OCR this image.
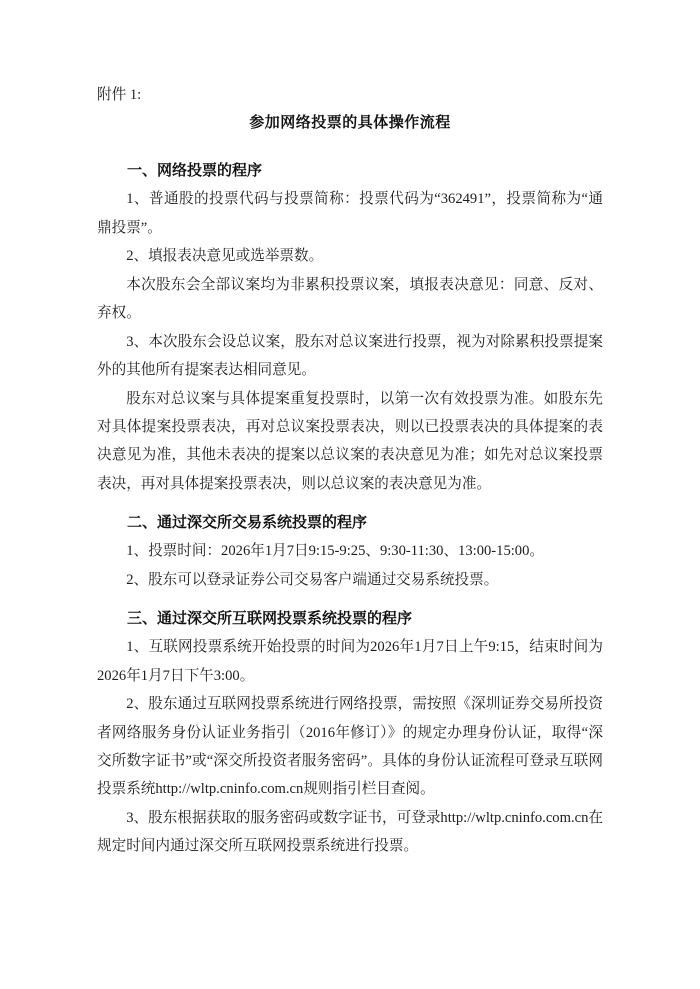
附件 1:

参加网络投票的具体操作流程
一、网络投票的程序

1、普通股的投票代码与投票简称：投票代码为“362491”，投票简称为“通鼎投票”。

2、填报表决意见或选举票数。

本次股东会全部议案均为非累积投票议案，填报表决意见：同意、反对、弃权。

3、本次股东会设总议案，股东对总议案进行投票，视为对除累积投票提案外的其他所有提案表达相同意见。

股东对总议案与具体提案重复投票时，以第一次有效投票为准。如股东先对具体提案投票表决，再对总议案投票表决，则以已投票表决的具体提案的表决意见为准，其他未表决的提案以总议案的表决意见为准；如先对总议案投票表决，再对具体提案投票表决，则以总议案的表决意见为准。

二、通过深交所交易系统投票的程序

1、投票时间：2026年1月7日9:15-9:25、9:30-11:30、13:00-15:00。

2、股东可以登录证券公司交易客户端通过交易系统投票。

三、通过深交所互联网投票系统投票的程序

1、互联网投票系统开始投票的时间为2026年1月7日上午9:15，结束时间为2026年1月7日下午3:00。

2、股东通过互联网投票系统进行网络投票，需按照《深圳证券交易所投资者网络服务身份认证业务指引（2016年修订）》的规定办理身份认证，取得“深交所数字证书”或“深交所投资者服务密码”。具体的身份认证流程可登录互联网投票系统http://wltp.cninfo.com.cn规则指引栏目查阅。

3、股东根据获取的服务密码或数字证书，可登录http://wltp.cninfo.com.cn在规定时间内通过深交所互联网投票系统进行投票。
